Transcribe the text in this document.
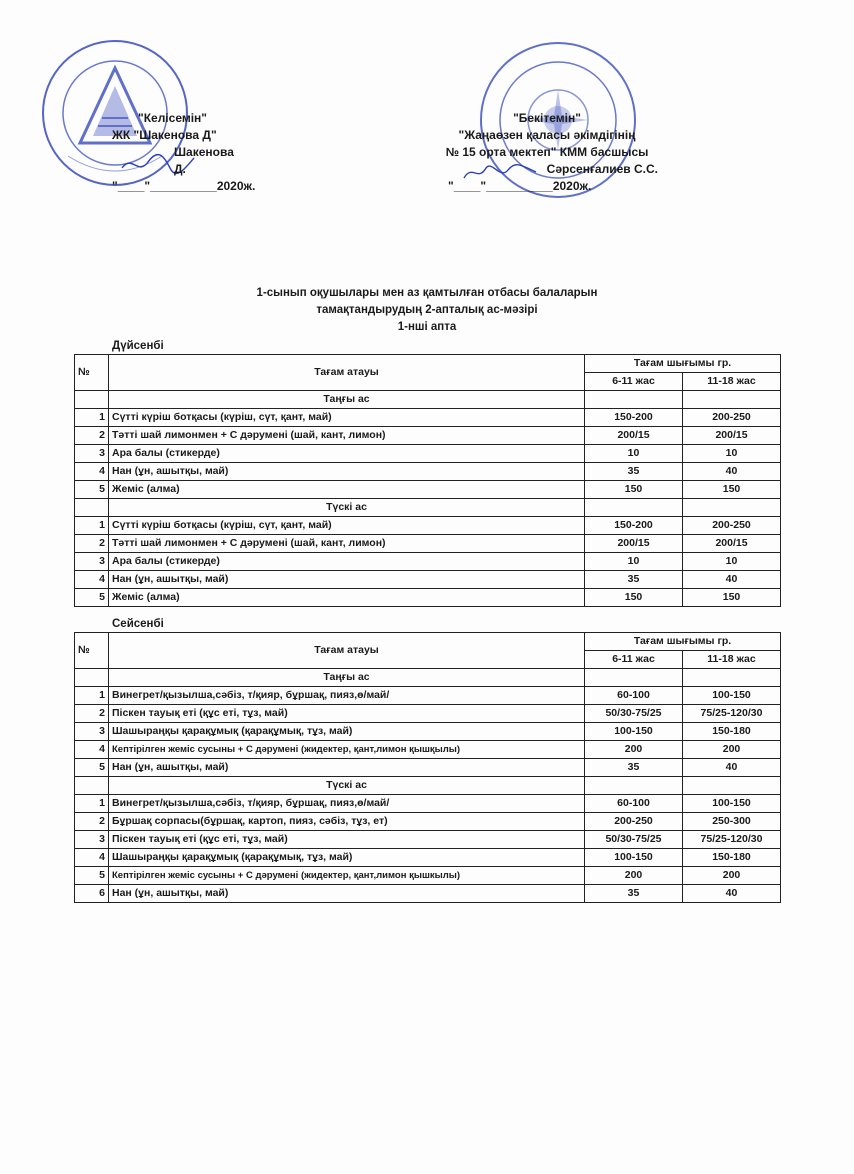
"Келісемін"
ЖК "Шакенова Д"
Шакенова Д.
"____"__________2020ж.
"Бекітемін"
"Жаңаөзен қаласы әкімдігінің
№ 15 орта мектеп" КММ басшысы
Сәрсенғалиев С.С.
"____"__________2020ж.
1-сынып оқушылары мен аз қамтылған отбасы балаларын
тамақтандырудың 2-апталық ас-мәзірі
1-нші апта
Дүйсенбі
№	Тағам атауы	Тағам шығымы гр.	
		6-11 жас	11-18 жас
	Таңғы ас		
1	Сүтті күріш ботқасы (күріш, сүт, қант, май)	150-200	200-250
2	Тәтті шай лимонмен + С дәрумені (шай, кант, лимон)	200/15	200/15
3	Ара балы (стикерде)	10	10
4	Нан (ұн, ашытқы, май)	35	40
5	Жеміс (алма)	150	150
	Түскі ас		
1	Сүтті күріш ботқасы (күріш, сүт, қант, май)	150-200	200-250
2	Тәтті шай лимонмен + С дәрумені (шай, кант, лимон)	200/15	200/15
3	Ара балы (стикерде)	10	10
4	Нан (ұн, ашытқы, май)	35	40
5	Жеміс (алма)	150	150
Сейсенбі
№	Тағам атауы	Тағам шығымы гр.	
		6-11 жас	11-18 жас
	Таңғы ас		
1	Винегрет/қызылша,сәбіз, т/қияр, бұршақ, пияз,ө/май/	60-100	100-150
2	Піскен тауық еті (құс еті, тұз, май)	50/30-75/25	75/25-120/30
3	Шашыраңқы қарақұмық (қарақұмық, тұз, май)	100-150	150-180
4	Кептірілген жеміс сусыны + С дәрумені (жидектер, қант,лимон қышқылы)	200	200
5	Нан (ұн, ашытқы, май)	35	40
	Түскі ас		
1	Винегрет/қызылша,сәбіз, т/қияр, бұршақ, пияз,ө/май/	60-100	100-150
2	Бұршақ сорпасы(бұршақ, картоп, пияз, сәбіз, тұз, ет)	200-250	250-300
3	Піскен тауық еті (құс еті, тұз, май)	50/30-75/25	75/25-120/30
4	Шашыраңқы қарақұмық (қарақұмық, тұз, май)	100-150	150-180
5	Кептірілген жеміс сусыны + С дәрумені (жидектер, қант,лимон қышкылы)	200	200
6	Нан (ұн, ашытқы, май)	35	40
